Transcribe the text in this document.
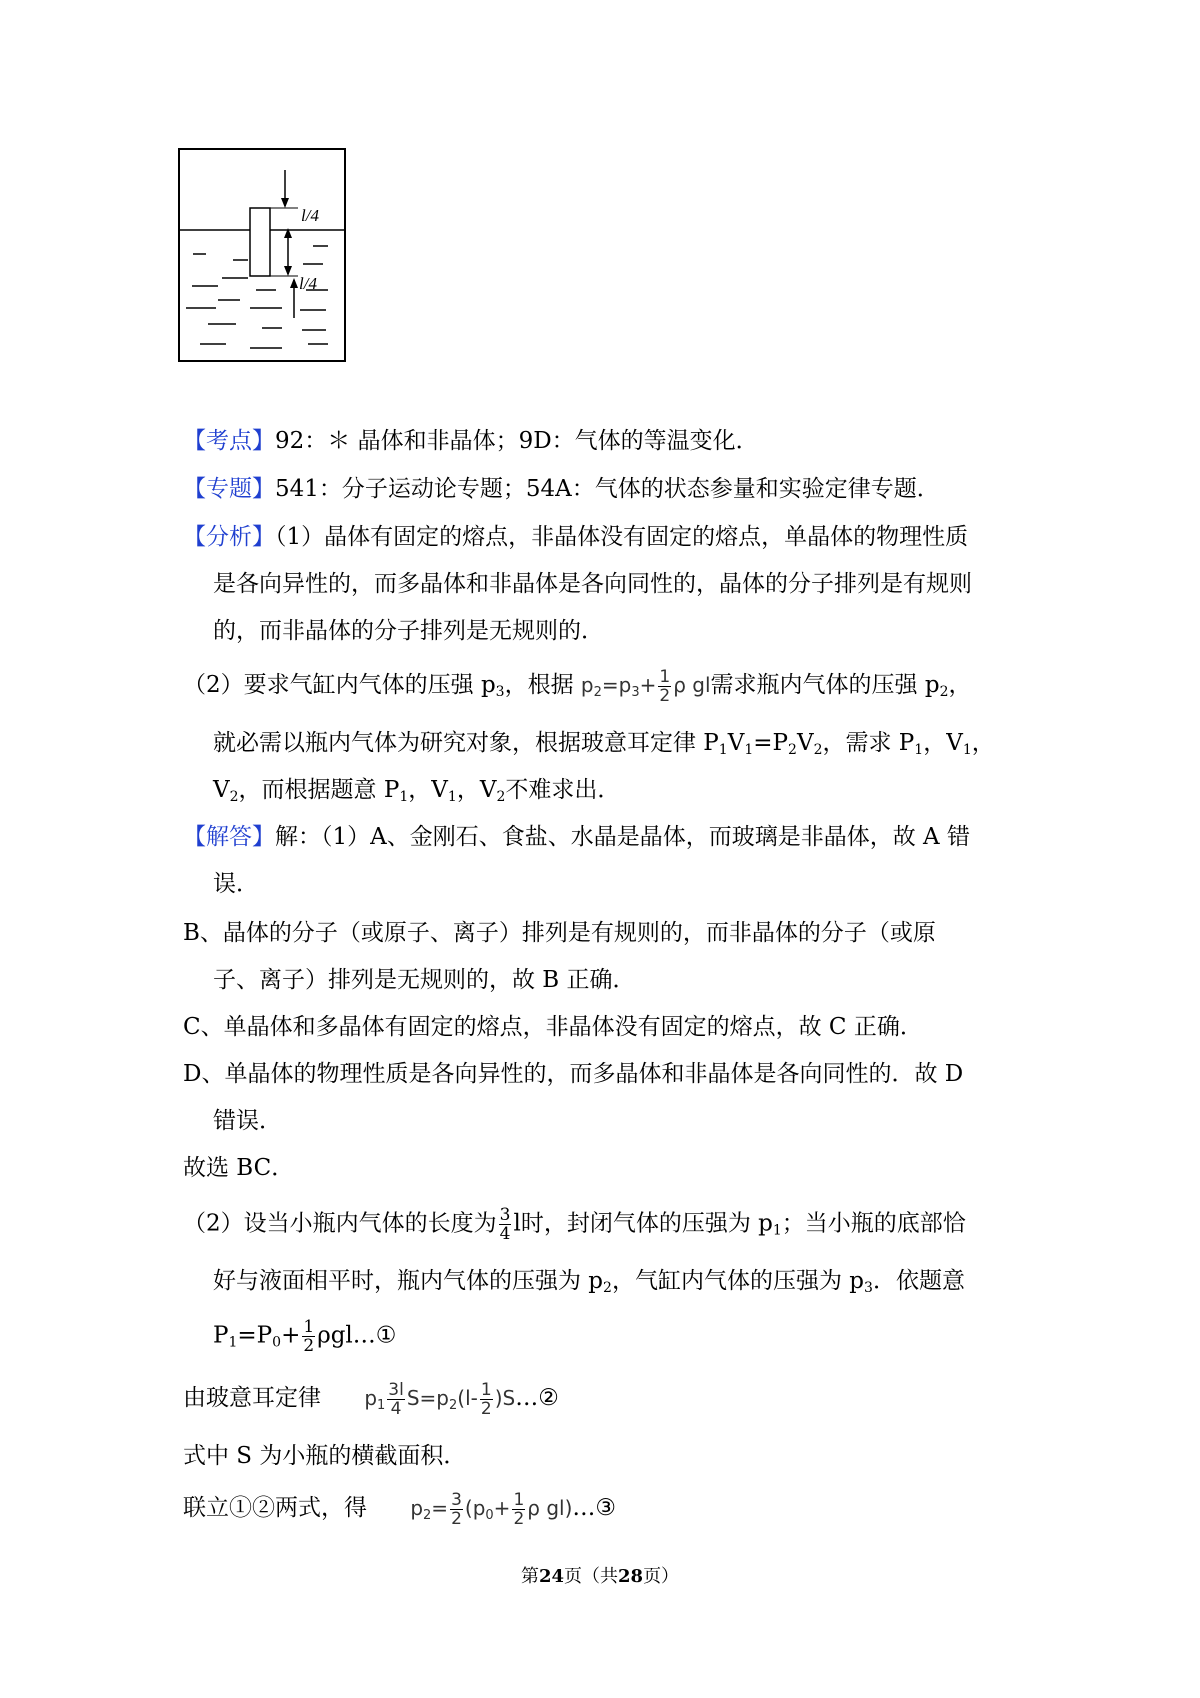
l/4
l/4
【考点】92：＊ 晶体和非晶体；9D：气体的等温变化．
【专题】541：分子运动论专题；54A：气体的状态参量和实验定律专题．
【分析】（1）晶体有固定的熔点，非晶体没有固定的熔点，单晶体的物理性质
是各向异性的，而多晶体和非晶体是各向同性的，晶体的分子排列是有规则
的，而非晶体的分子排列是无规则的．
（2）要求气缸内气体的压强 $p_3$，根据 $p_2=p_3+ \frac{1}{2}$ ρ gl需求瓶内气体的压强 $p_2$，
就必需以瓶内气体为研究对象，根据玻意耳定律 $P_1V_1=P_2V_2$，需求 $P_1$，$V_1$，
$V_2$，而根据题意 $P_1$，$V_1$，$V_2$不难求出．
【解答】解：（1）A、金刚石、食盐、水晶是晶体，而玻璃是非晶体，故 A 错
误．
B、晶体的分子（或原子、离子）排列是有规则的，而非晶体的分子（或原
子、离子）排列是无规则的，故 B 正确．
C、单晶体和多晶体有固定的熔点，非晶体没有固定的熔点，故 C 正确．
D、单晶体的物理性质是各向异性的，而多晶体和非晶体是各向同性的．故 D
错误．
故选 BC．
（2）设当小瓶内气体的长度为 $\frac{3}{4}$ l时，封闭气体的压强为 $p_1$；当小瓶的底部恰
好与液面相平时，瓶内气体的压强为 $p_2$，气缸内气体的压强为 $p_3$．依题意
$P_1=P_0+ \frac{1}{2}$ ρgl…①
由玻意耳定律 $p_1 \frac{3l}{4} S=p_2(l- \frac{1}{2}$ )S…②
式中 S 为小瓶的横截面积．
联立①②两式，得 $p_2= \frac{3}{2} (p_0+ \frac{1}{2}$ ρ gl)…③
第24页（共28页）
